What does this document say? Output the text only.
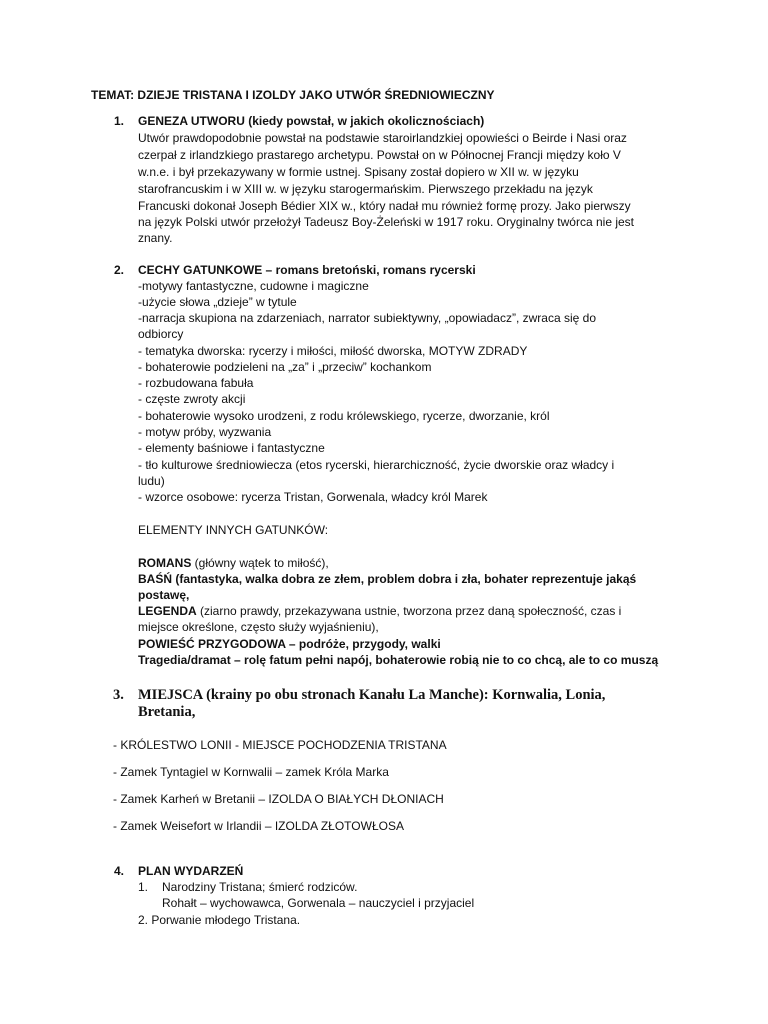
TEMAT: DZIEJE TRISTANA I IZOLDY JAKO UTWÓR ŚREDNIOWIECZNY
1. GENEZA UTWORU (kiedy powstał, w jakich okolicznościach)
Utwór prawdopodobnie powstał na podstawie staroirlandzkiej opowieści o Beirde i Nasi oraz
czerpał z irlandzkiego prastarego archetypu. Powstał on w Północnej Francji między koło V
w.n.e. i był przekazywany w formie ustnej. Spisany został dopiero w XII w. w języku
starofrancuskim i w XIII w. w języku starogermańskim. Pierwszego przekładu na język
Francuski dokonał Joseph Bédier XIX w., który nadał mu również formę prozy. Jako pierwszy
na język Polski utwór przełożył Tadeusz Boy-Żeleński w 1917 roku. Oryginalny twórca nie jest
znany.
2. CECHY GATUNKOWE – romans bretoński, romans rycerski
-motywy fantastyczne, cudowne i magiczne
-użycie słowa „dzieje” w tytule
-narracja skupiona na zdarzeniach, narrator subiektywny, „opowiadacz”, zwraca się do
odbiorcy
- tematyka dworska: rycerzy i miłości, miłość dworska, MOTYW ZDRADY
- bohaterowie podzieleni na „za” i „przeciw” kochankom
- rozbudowana fabuła
- częste zwroty akcji
- bohaterowie wysoko urodzeni, z rodu królewskiego, rycerze, dworzanie, król
- motyw próby, wyzwania
- elementy baśniowe i fantastyczne
- tło kulturowe średniowiecza (etos rycerski, hierarchiczność, życie dworskie oraz władcy i
ludu)
- wzorce osobowe: rycerza Tristan, Gorwenala, władcy król Marek
ELEMENTY INNYCH GATUNKÓW:
ROMANS (główny wątek to miłość),
BAŚŃ (fantastyka, walka dobra ze złem, problem dobra i zła, bohater reprezentuje jakąś
postawę,
LEGENDA (ziarno prawdy, przekazywana ustnie, tworzona przez daną społeczność, czas i
miejsce określone, często służy wyjaśnieniu),
POWIEŚĆ PRZYGODOWA – podróże, przygody, walki
Tragedia/dramat – rolę fatum pełni napój, bohaterowie robią nie to co chcą, ale to co muszą
3. MIEJSCA (krainy po obu stronach Kanału La Manche): Kornwalia, Lonia,
Bretania,
- KRÓLESTWO LONII - MIEJSCE POCHODZENIA TRISTANA
- Zamek Tyntagiel w Kornwalii – zamek Króla Marka
- Zamek Karheń w Bretanii – IZOLDA O BIAŁYCH DŁONIACH
- Zamek Weisefort w Irlandii – IZOLDA ZŁOTOWŁOSA
4. PLAN WYDARZEŃ
1. Narodziny Tristana; śmierć rodziców.
Rohałt – wychowawca, Gorwenala – nauczyciel i przyjaciel
2. Porwanie młodego Tristana.
